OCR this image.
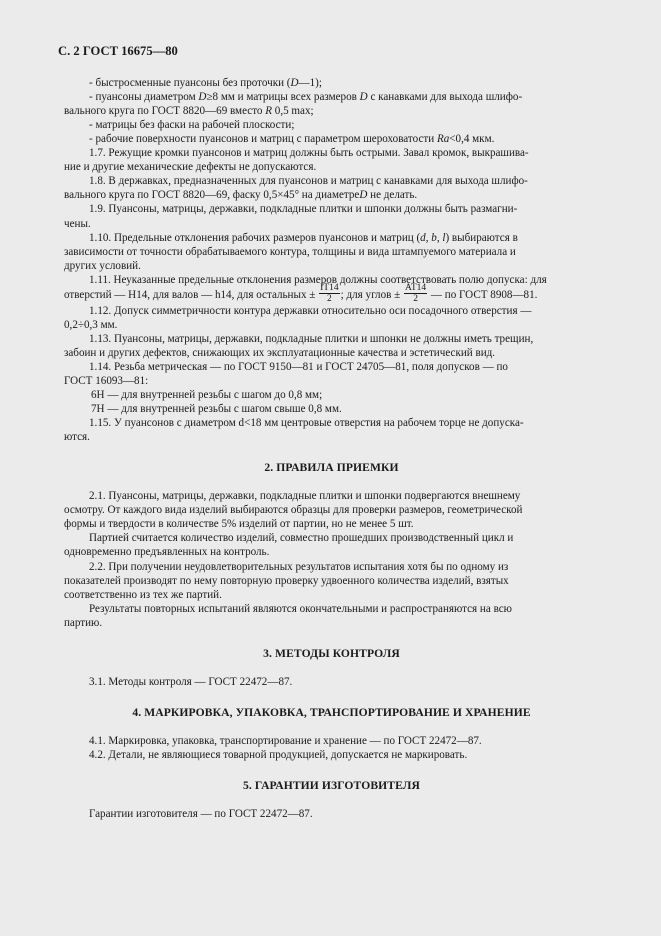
С. 2 ГОСТ 16675—80

- быстросменные пуансоны без проточки (D—1);

- пуансоны диаметром D≥8 мм и матрицы всех размеров D с канавками для выхода шлифо-
вального круга по ГОСТ 8820—69 вместо R 0,5 max;

- матрицы без фаски на рабочей плоскости;

- рабочие поверхности пуансонов и матриц с параметром шероховатости Ra<0,4 мкм.

1.7. Режущие кромки пуансонов и матриц должны быть острыми. Завал кромок, выкрашива-
ние и другие механические дефекты не допускаются.

1.8. В державках, предназначенных для пуансонов и матриц с канавками для выхода шлифо-
вального круга по ГОСТ 8820—69, фаску 0,5×45° на диаметреD не делать.

1.9. Пуансоны, матрицы, державки, подкладные плитки и шпонки должны быть размагни-
чены.

1.10. Предельные отклонения рабочих размеров пуансонов и матриц (d, b, l) выбираются в
зависимости от точности обрабатываемого контура, толщины и вида штампуемого материала и
других условий.

1.11. Неуказанные предельные отклонения размеров должны соответствовать полю допуска: для
отверстий — Н14, для валов — h14, для остальных ± $\frac{IT14}{2}$ ; для углов ± $\frac{AT14}{2}$ — по ГОСТ 8908—81.

1.12. Допуск симметричности контура державки относительно оси посадочного отверстия —
0,2÷0,3 мм.

1.13. Пуансоны, матрицы, державки, подкладные плитки и шпонки не должны иметь трещин,
забоин и других дефектов, снижающих их эксплуатационные качества и эстетический вид.

1.14. Резьба метрическая — по ГОСТ 9150—81 и ГОСТ 24705—81, поля допусков — по
ГОСТ 16093—81:

6Н — для внутренней резьбы с шагом до 0,8 мм;

7Н — для внутренней резьбы с шагом свыше 0,8 мм.

1.15. У пуансонов с диаметром d<18 мм центровые отверстия на рабочем торце не допуска-
ются.

2. ПРАВИЛА ПРИЕМКИ

2.1. Пуансоны, матрицы, державки, подкладные плитки и шпонки подвергаются внешнему
осмотру. От каждого вида изделий выбираются образцы для проверки размеров, геометрической
формы и твердости в количестве 5% изделий от партии, но не менее 5 шт.

Партией считается количество изделий, совместно прошедших производственный цикл и
одновременно предъявленных на контроль.

2.2. При получении неудовлетворительных результатов испытания хотя бы по одному из
показателей производят по нему повторную проверку удвоенного количества изделий, взятых
соответственно из тех же партий.

Результаты повторных испытаний являются окончательными и распространяются на всю
партию.

3. МЕТОДЫ КОНТРОЛЯ

3.1. Методы контроля — ГОСТ 22472—87.

4. МАРКИРОВКА, УПАКОВКА, ТРАНСПОРТИРОВАНИЕ И ХРАНЕНИЕ

4.1. Маркировка, упаковка, транспортирование и хранение — по ГОСТ 22472—87.

4.2. Детали, не являющиеся товарной продукцией, допускается не маркировать.

5. ГАРАНТИИ ИЗГОТОВИТЕЛЯ

Гарантии изготовителя — по ГОСТ 22472—87.
